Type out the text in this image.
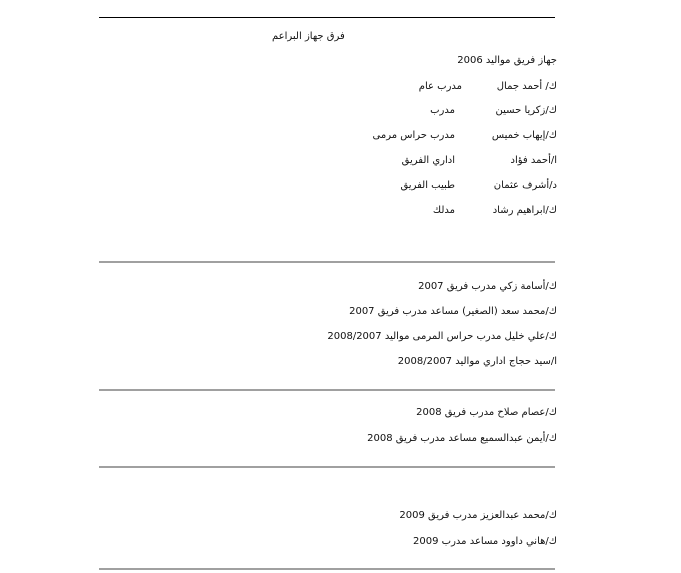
فرق جهاز البراعم
جهاز فريق مواليد 2006
ك/ أحمد جمال
مدرب عام
ك/زكريا حسين
مدرب
ك/إيهاب خميس
مدرب حراس مرمى
ا/أحمد فؤاد
اداري الفريق
د/أشرف عثمان
طبيب الفريق
ك/ابراهيم رشاد
مدلك
ك/أسامة زكي مدرب فريق 2007
ك/محمد سعد (الصغير) مساعد مدرب فريق 2007
ك/علي خليل مدرب حراس المرمى مواليد 2008/2007
ا/سيد حجاج اداري مواليد 2008/2007
ك/عصام صلاح مدرب فريق 2008
ك/أيمن عبدالسميع مساعد مدرب فريق 2008
ك/محمد عبدالعزيز مدرب فريق 2009
ك/هاني داوود مساعد مدرب 2009
